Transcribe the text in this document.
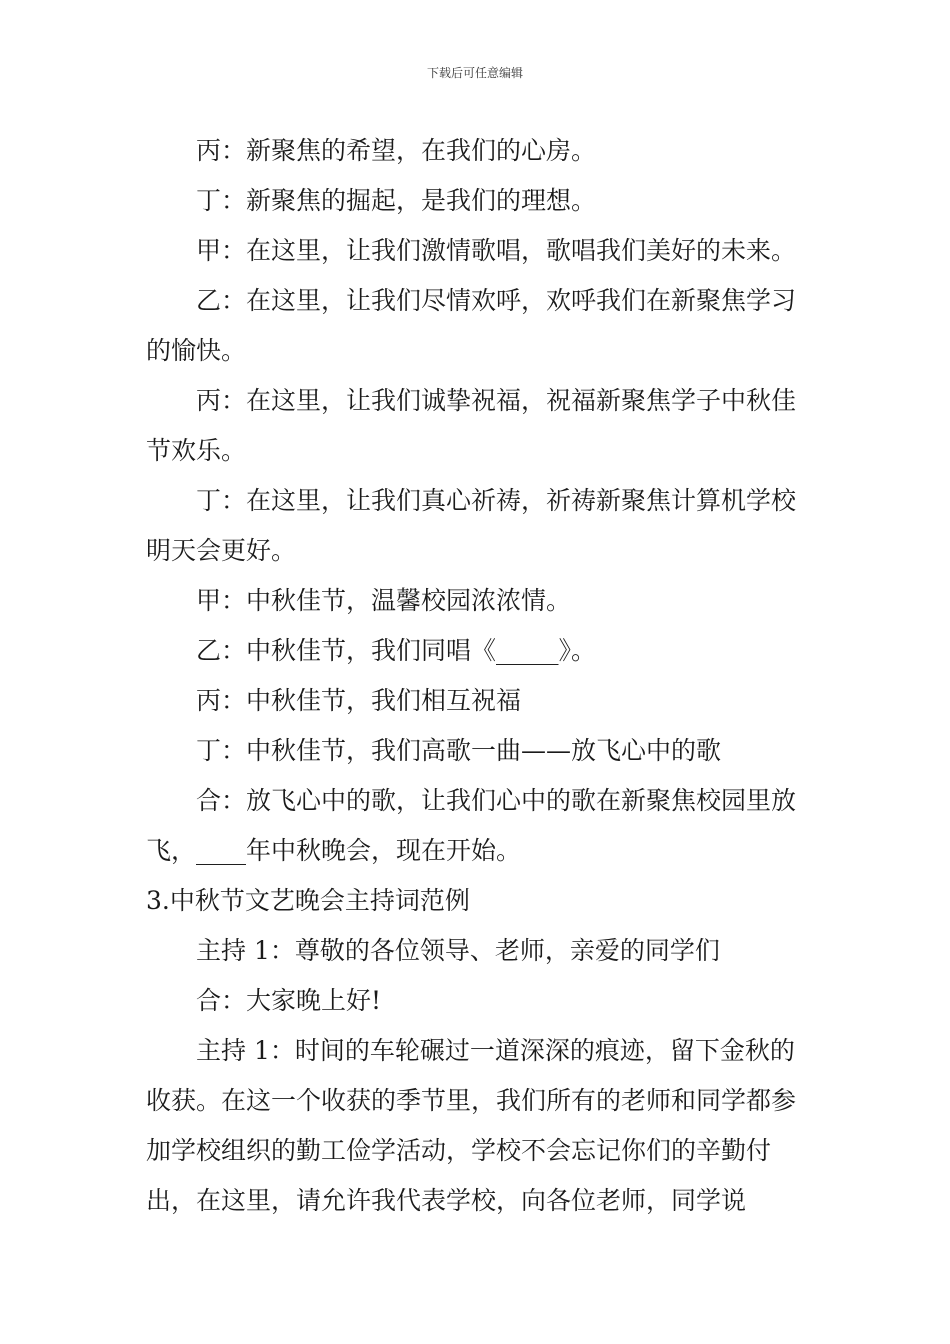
下载后可任意编辑

丙：新聚焦的希望，在我们的心房。

丁：新聚焦的掘起，是我们的理想。

甲：在这里，让我们激情歌唱，歌唱我们美好的未来。

乙：在这里，让我们尽情欢呼，欢呼我们在新聚焦学习的愉快。

丙：在这里，让我们诚挚祝福，祝福新聚焦学子中秋佳节欢乐。

丁：在这里，让我们真心祈祷，祈祷新聚焦计算机学校明天会更好。

甲：中秋佳节，温馨校园浓浓情。

乙：中秋佳节，我们同唱《_____》。

丙：中秋佳节，我们相互祝福

丁：中秋佳节，我们高歌一曲——放飞心中的歌

合：放飞心中的歌，让我们心中的歌在新聚焦校园里放飞，____年中秋晚会，现在开始。

3.中秋节文艺晚会主持词范例

主持 1：尊敬的各位领导、老师，亲爱的同学们

合：大家晚上好!

主持 1：时间的车轮碾过一道深深的痕迹，留下金秋的收获。在这一个收获的季节里，我们所有的老师和同学都参加学校组织的勤工俭学活动，学校不会忘记你们的辛勤付出，在这里，请允许我代表学校，向各位老师，同学说
